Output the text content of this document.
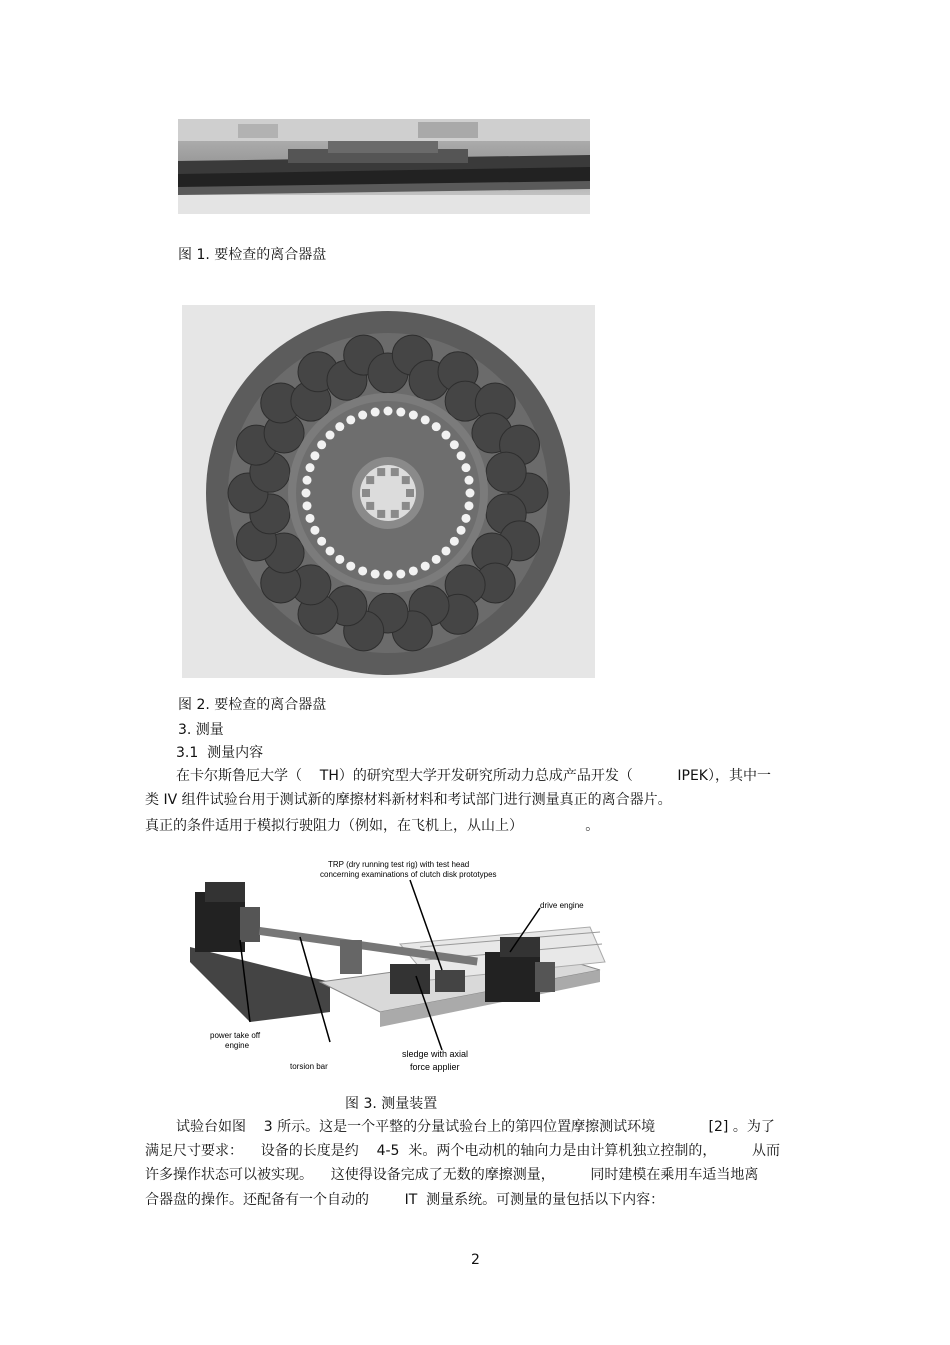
图 1. 要检查的离合器盘
图 2. 要检查的离合器盘
3. 测量
3.1  测量内容
在卡尔斯鲁厄大学（    TH）的研究型大学开发研究所动力总成产品开发（          IPEK），其中一
类 IV 组件试验台用于测试新的摩擦材料新材料和考试部门进行测量真正的离合器片。
真正的条件适用于模拟行驶阻力（例如，在飞机上，从山上）              。
TRP (dry running test rig) with test head
concerning examinations of clutch disk prototypes
drive engine
power take off
engine
torsion bar
sledge with axial
force applier
图 3. 测量装置
试验台如图    3 所示。这是一个平整的分量试验台上的第四位置摩擦测试环境            [2] 。为了
满足尺寸要求：    设备的长度是约    4-5  米。两个电动机的轴向力是由计算机独立控制的，        从而
许多操作状态可以被实现。    这使得设备完成了无数的摩擦测量，        同时建模在乘用车适当地离
合器盘的操作。还配备有一个自动的        IT  测量系统。可测量的量包括以下内容：
2
